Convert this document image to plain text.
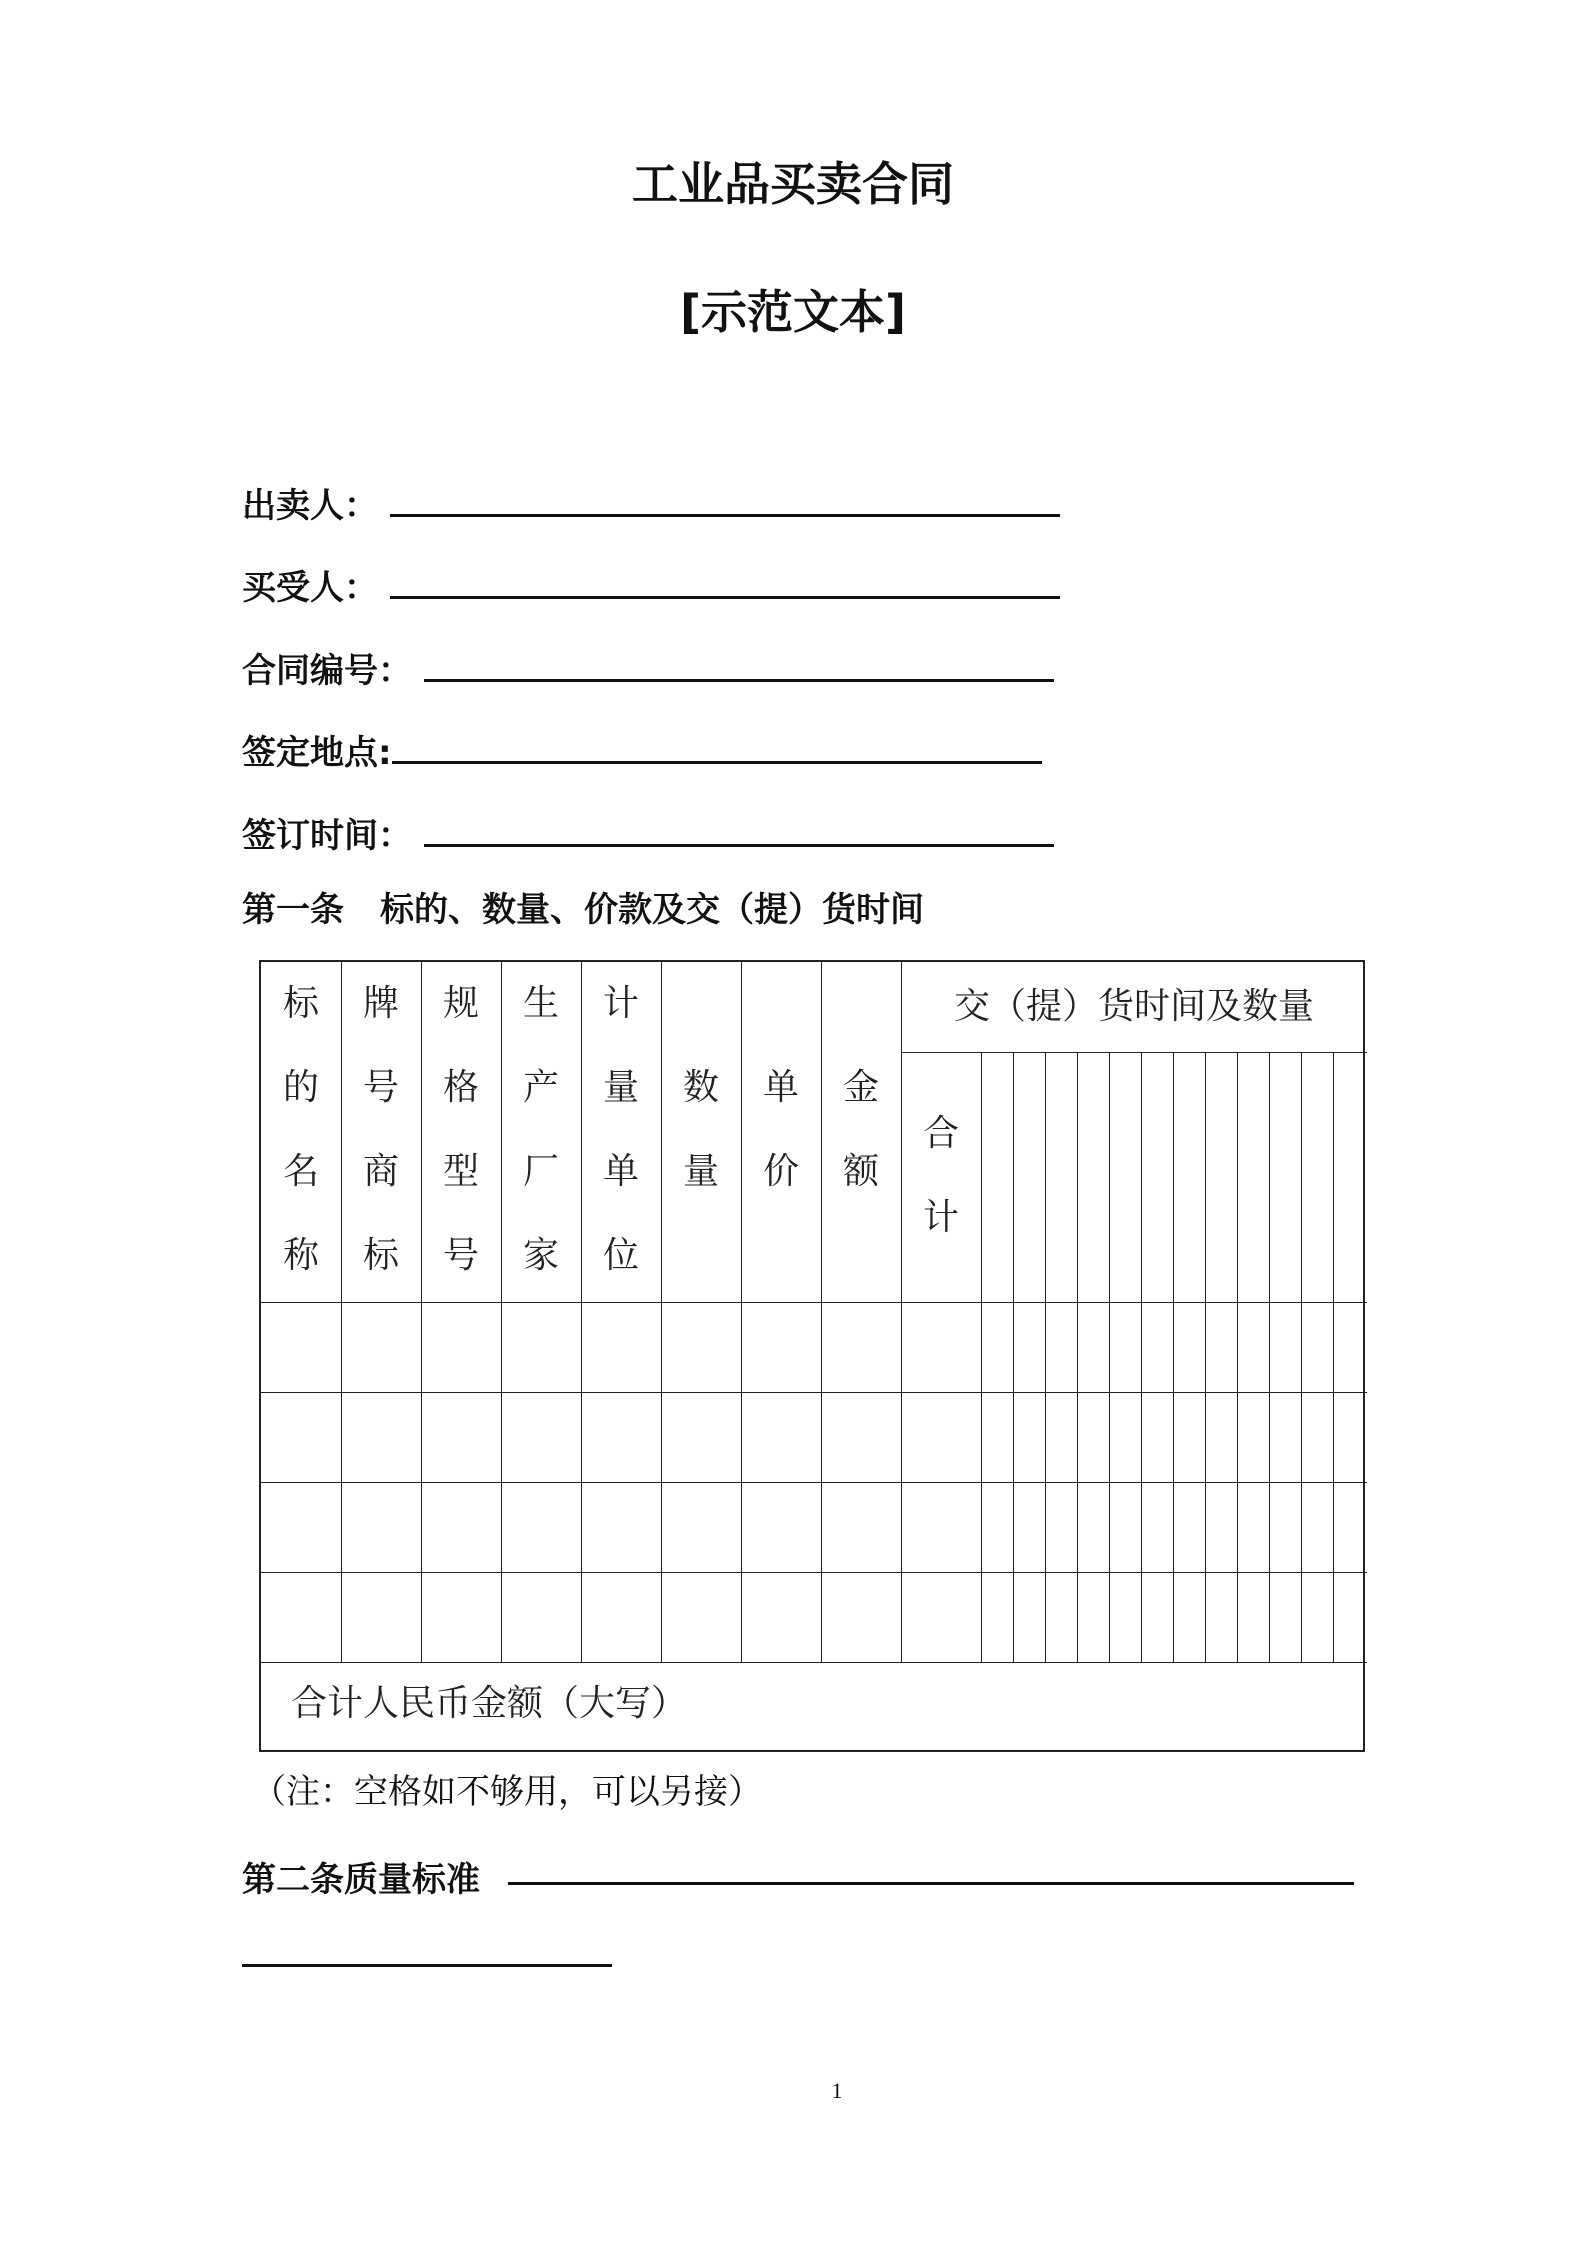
工业品买卖合同
[示范文本]
出卖人：
买受人：
合同编号：
签定地点:
签订时间：
第一条 标的、数量、价款及交（提）货时间
交（提）货时间及数量
合计人民币金额（大写）
标
的
名
称
牌
号
商
标
规
格
型
号
生
产
厂
家
计
量
单
位
数
量
单
价
金
额
合
计
（注：空格如不够用，可以另接）
第二条质量标准
1
